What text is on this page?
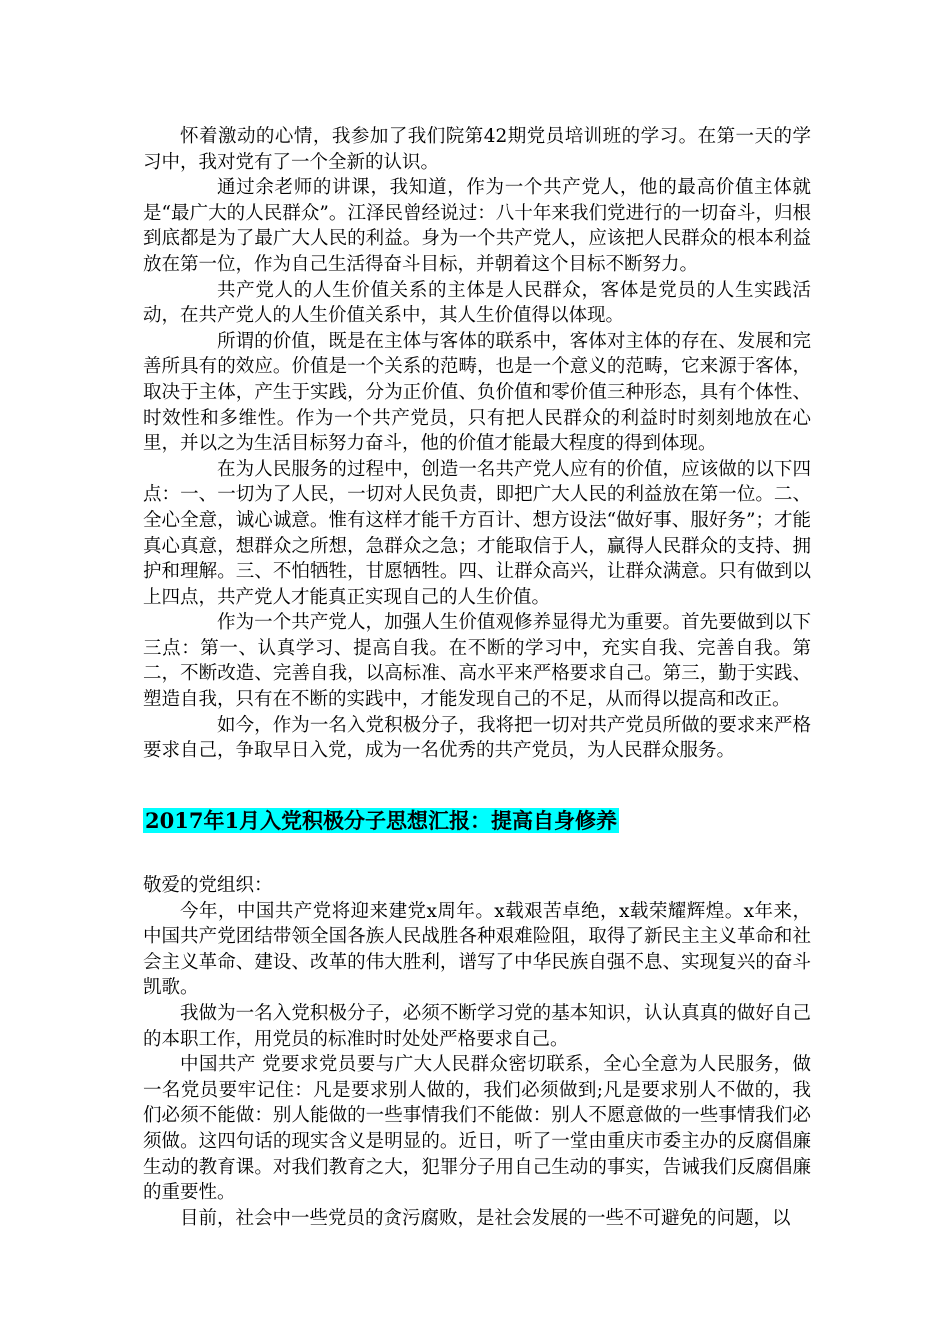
怀着激动的心情，我参加了我们院第42期党员培训班的学习。在第一天的学习中，我对党有了一个全新的认识。

通过余老师的讲课，我知道，作为一个共产党人，他的最高价值主体就是“最广大的人民群众”。江泽民曾经说过：八十年来我们党进行的一切奋斗，归根到底都是为了最广大人民的利益。身为一个共产党人，应该把人民群众的根本利益放在第一位，作为自己生活得奋斗目标，并朝着这个目标不断努力。

共产党人的人生价值关系的主体是人民群众，客体是党员的人生实践活动，在共产党人的人生价值关系中，其人生价值得以体现。

所谓的价值，既是在主体与客体的联系中，客体对主体的存在、发展和完善所具有的效应。价值是一个关系的范畴，也是一个意义的范畴，它来源于客体，取决于主体，产生于实践，分为正价值、负价值和零价值三种形态，具有个体性、时效性和多维性。作为一个共产党员，只有把人民群众的利益时时刻刻地放在心里，并以之为生活目标努力奋斗，他的价值才能最大程度的得到体现。

在为人民服务的过程中，创造一名共产党人应有的价值，应该做的以下四点：一、一切为了人民，一切对人民负责，即把广大人民的利益放在第一位。二、全心全意，诚心诚意。惟有这样才能千方百计、想方设法“做好事、服好务”；才能真心真意，想群众之所想，急群众之急；才能取信于人，赢得人民群众的支持、拥护和理解。三、不怕牺牲，甘愿牺牲。四、让群众高兴，让群众满意。只有做到以上四点，共产党人才能真正实现自己的人生价值。

作为一个共产党人，加强人生价值观修养显得尤为重要。首先要做到以下三点：第一、认真学习、提高自我。在不断的学习中，充实自我、完善自我。第二，不断改造、完善自我，以高标准、高水平来严格要求自己。第三，勤于实践、塑造自我，只有在不断的实践中，才能发现自己的不足，从而得以提高和改正。

如今，作为一名入党积极分子，我将把一切对共产党员所做的要求来严格要求自己，争取早日入党，成为一名优秀的共产党员，为人民群众服务。

2017年1月入党积极分子思想汇报：提高自身修养

敬爱的党组织：

今年，中国共产党将迎来建党x周年。x载艰苦卓绝，x载荣耀辉煌。x年来，中国共产党团结带领全国各族人民战胜各种艰难险阻，取得了新民主主义革命和社会主义革命、建设、改革的伟大胜利，谱写了中华民族自强不息、实现复兴的奋斗凯歌。

我做为一名入党积极分子，必须不断学习党的基本知识，认认真真的做好自己的本职工作，用党员的标准时时处处严格要求自己。

中国共产 党要求党员要与广大人民群众密切联系，全心全意为人民服务，做一名党员要牢记住：凡是要求别人做的，我们必须做到;凡是要求别人不做的，我们必须不能做：别人能做的一些事情我们不能做：别人不愿意做的一些事情我们必须做。这四句话的现实含义是明显的。近日，听了一堂由重庆市委主办的反腐倡廉生动的教育课。对我们教育之大，犯罪分子用自己生动的事实，告诫我们反腐倡廉的重要性。

目前，社会中一些党员的贪污腐败，是社会发展的一些不可避免的问题，以
